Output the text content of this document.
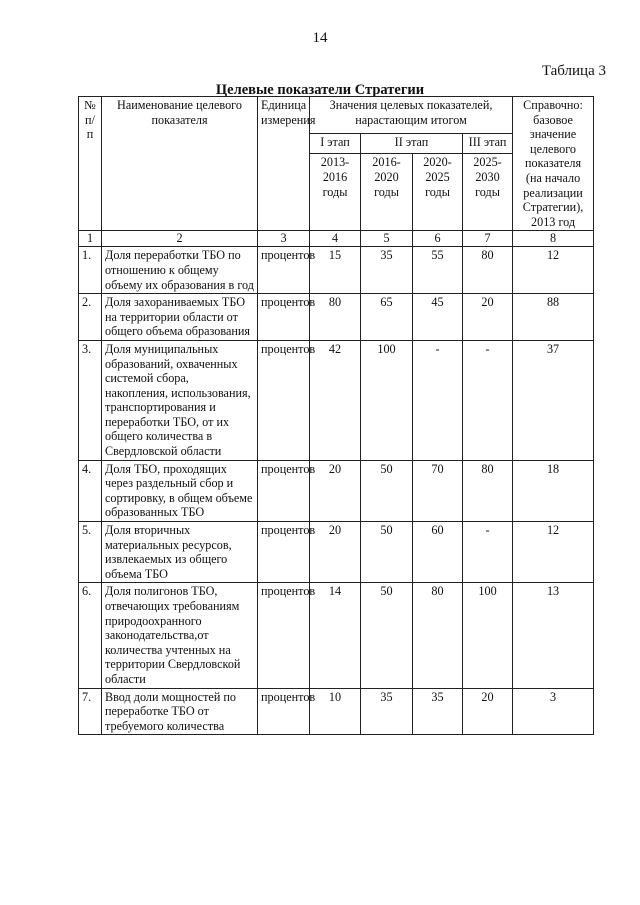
14
Таблица 3
Целевые показатели Стратегии
№ п/п	Наименование целевого показателя	Единица измерения	Значения целевых показателей, нарастающим итогом				Справочно: базовое значение целевого показателя (на начало реализации Стратегии), 2013 год
			I этап	II этап		III этап	
			2013-2016 годы	2016-2020 годы	2020-2025 годы	2025-2030 годы	
1	2	3	4	5	6	7	8
1.	Доля переработки ТБО по отношению к общему объему их образования в год	процентов	15	35	55	80	12
2.	Доля захораниваемых ТБО на территории области от общего объема образования	процентов	80	65	45	20	88
3.	Доля муниципальных образований, охваченных системой сбора, накопления, использования, транспортирования и переработки ТБО, от их общего количества в Свердловской области	процентов	42	100	-	-	37
4.	Доля ТБО, проходящих через раздельный сбор и сортировку, в общем объеме образованных ТБО	процентов	20	50	70	80	18
5.	Доля вторичных материальных ресурсов, извлекаемых из общего объема ТБО	процентов	20	50	60	-	12
6.	Доля полигонов ТБО, отвечающих требованиям природоохранного законодательства,от количества учтенных на территории Свердловской области	процентов	14	50	80	100	13
7.	Ввод доли мощностей по переработке ТБО от требуемого количества	процентов	10	35	35	20	3
